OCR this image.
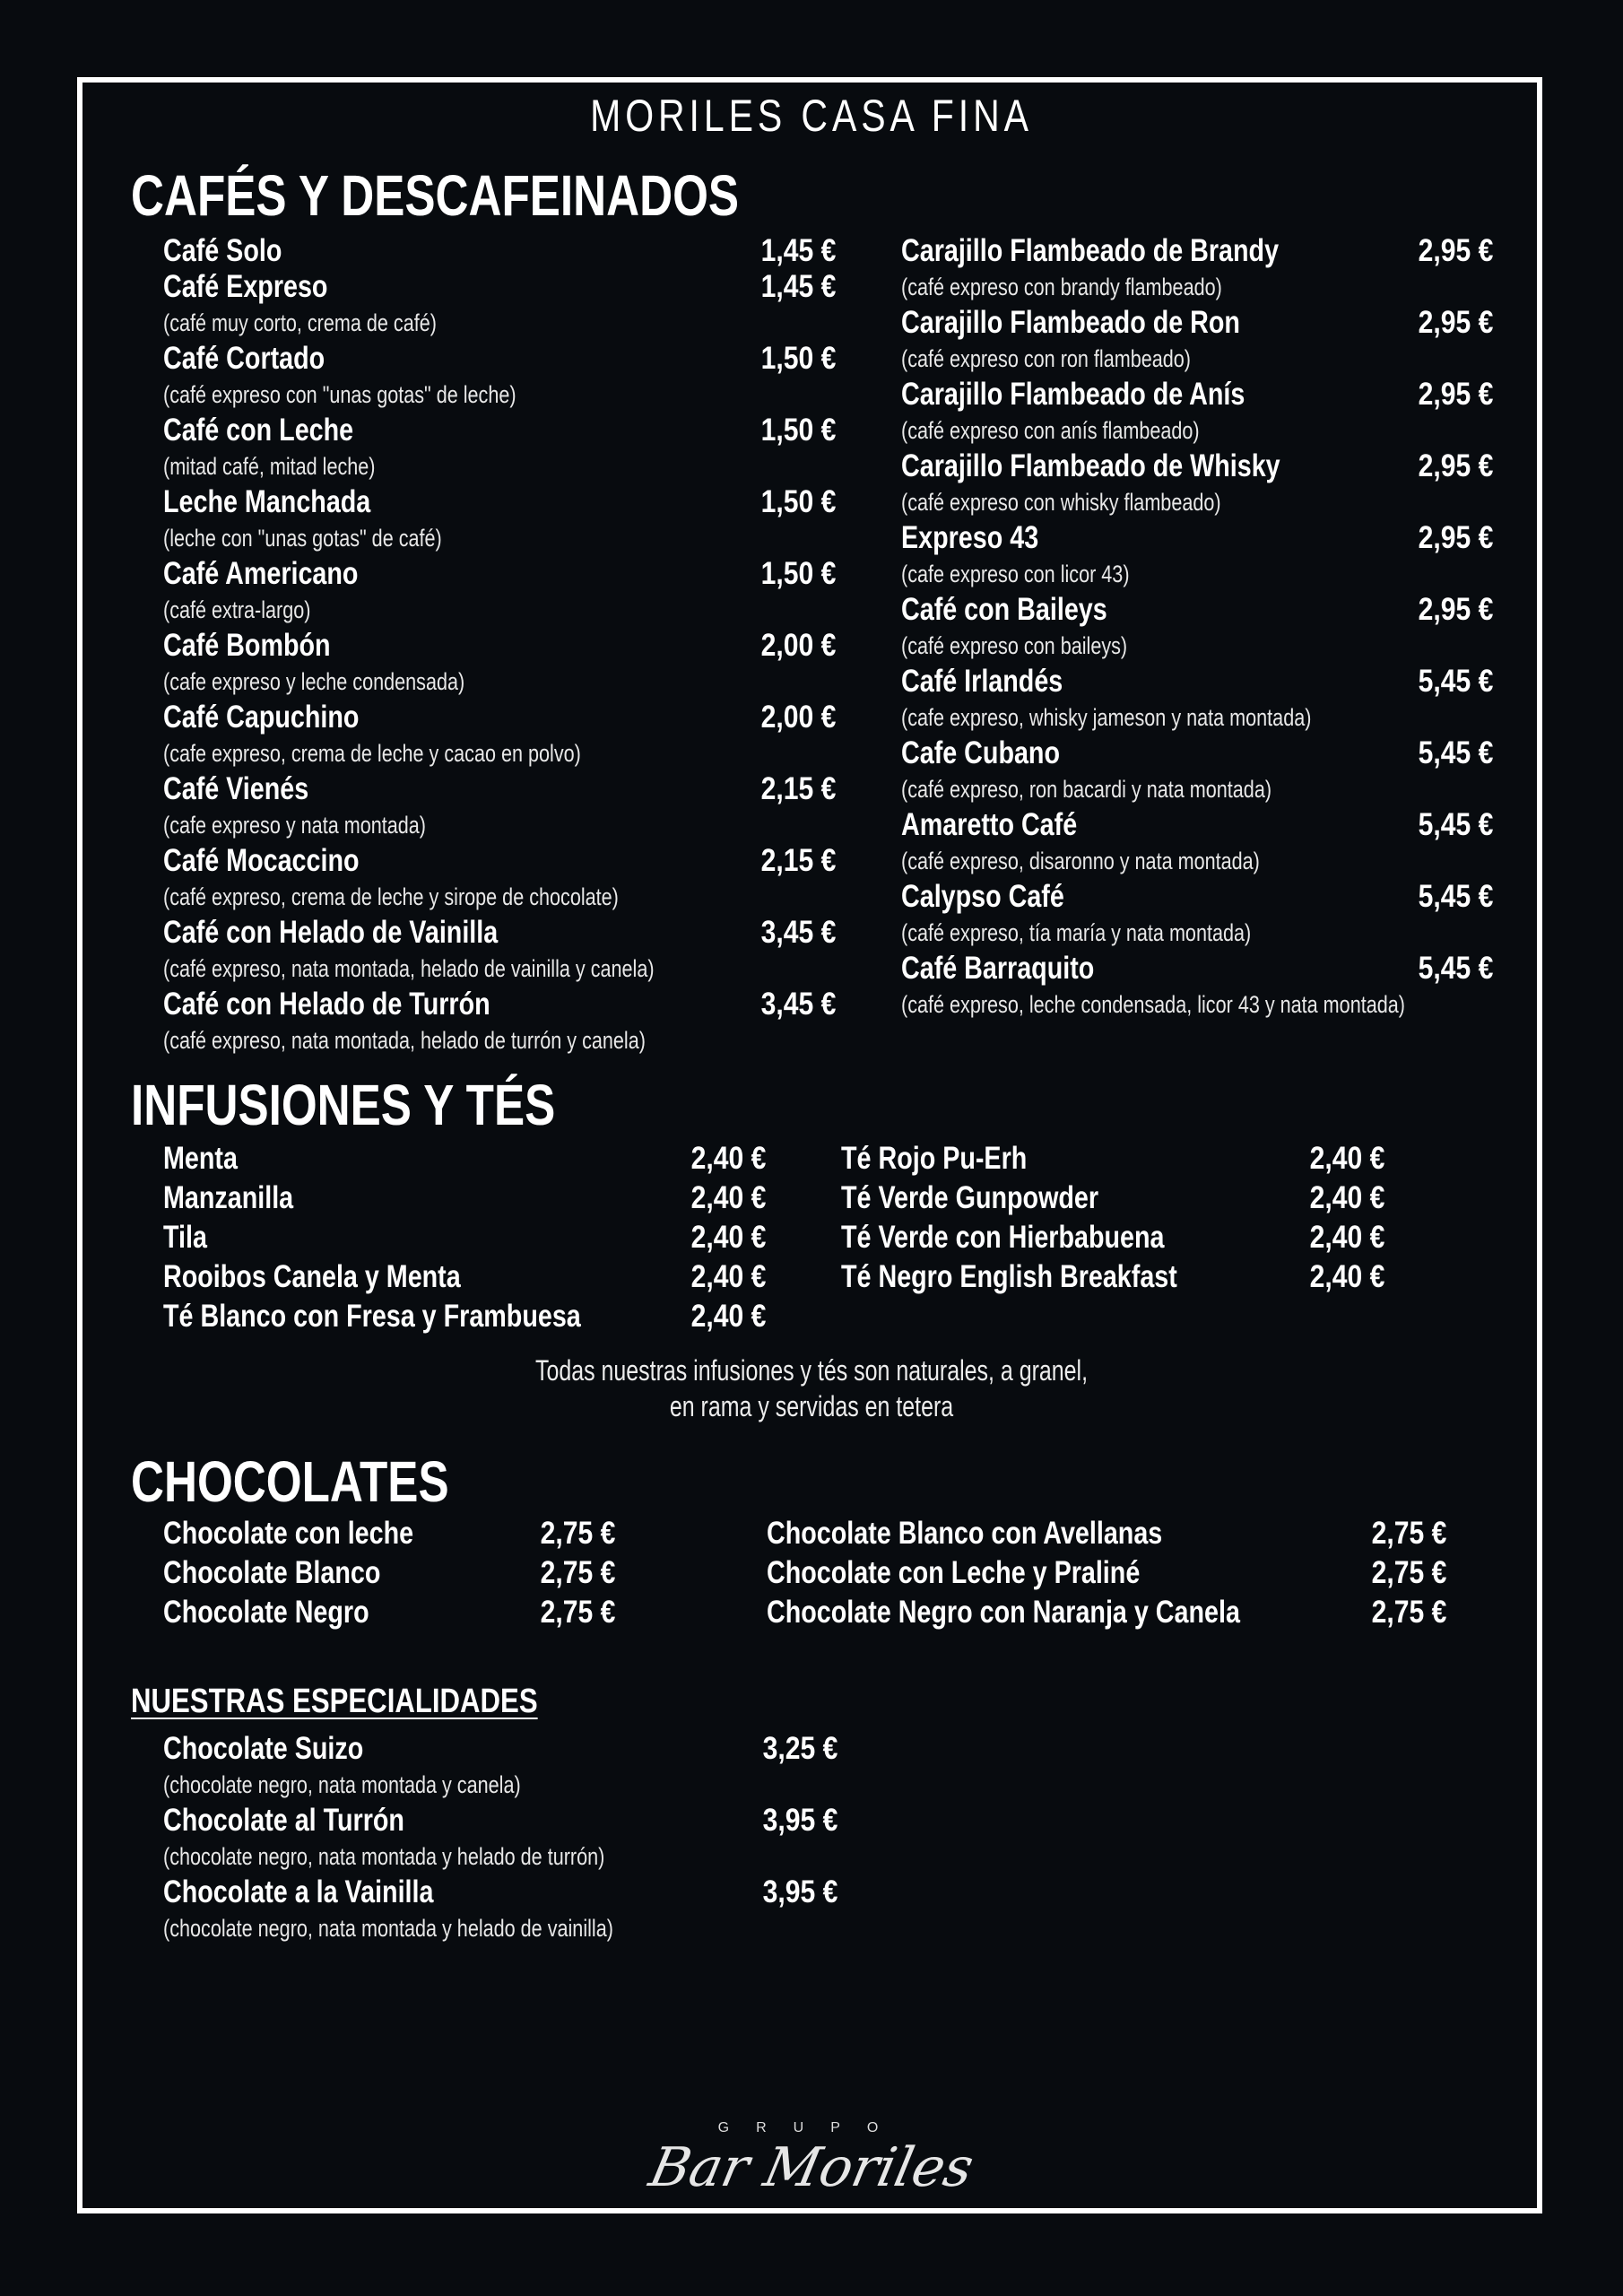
MORILES CASA FINA
CAFÉS Y DESCAFEINADOS
Café Solo	1,45 €
Café Expreso	1,45 €
(café muy corto, crema de café)
Café Cortado	1,50 €
(café expreso con "unas gotas" de leche)
Café con Leche	1,50 €
(mitad café, mitad leche)
Leche Manchada	1,50 €
(leche con "unas gotas" de café)
Café Americano	1,50 €
(café extra-largo)
Café Bombón	2,00 €
(cafe expreso y leche condensada)
Café Capuchino	2,00 €
(cafe expreso, crema de leche y cacao en polvo)
Café Vienés	2,15 €
(cafe expreso y nata montada)
Café Mocaccino	2,15 €
(café expreso, crema de leche y sirope de chocolate)
Café con Helado de Vainilla	3,45 €
(café expreso, nata montada, helado de vainilla y canela)
Café con Helado de Turrón	3,45 €
(café expreso, nata montada, helado de turrón y canela)
Carajillo Flambeado de Brandy	2,95 €
(café expreso con brandy flambeado)
Carajillo Flambeado de Ron	2,95 €
(café expreso con ron flambeado)
Carajillo Flambeado de Anís	2,95 €
(café expreso con anís flambeado)
Carajillo Flambeado de Whisky	2,95 €
(café expreso con whisky flambeado)
Expreso 43	2,95 €
(cafe expreso con licor 43)
Café con Baileys	2,95 €
(café expreso con baileys)
Café Irlandés	5,45 €
(cafe expreso, whisky jameson y nata montada)
Cafe Cubano	5,45 €
(café expreso, ron bacardi y nata montada)
Amaretto Café	5,45 €
(café expreso, disaronno y nata montada)
Calypso Café	5,45 €
(café expreso, tía maría y nata montada)
Café Barraquito	5,45 €
(café expreso, leche condensada, licor 43 y nata montada)
INFUSIONES Y TÉS
Menta	2,40 €
Manzanilla	2,40 €
Tila	2,40 €
Rooibos Canela y Menta	2,40 €
Té Blanco con Fresa y Frambuesa	2,40 €
Té Rojo Pu-Erh	2,40 €
Té Verde Gunpowder	2,40 €
Té Verde con Hierbabuena	2,40 €
Té Negro English Breakfast	2,40 €
Todas nuestras infusiones y tés son naturales, a granel,
en rama y servidas en tetera
CHOCOLATES
Chocolate con leche	2,75 €
Chocolate Blanco	2,75 €
Chocolate Negro	2,75 €
Chocolate Blanco con Avellanas	2,75 €
Chocolate con Leche y Praliné	2,75 €
Chocolate Negro con Naranja y Canela	2,75 €
NUESTRAS ESPECIALIDADES
Chocolate Suizo	3,25 €
(chocolate negro, nata montada y canela)
Chocolate al Turrón	3,95 €
(chocolate negro, nata montada y helado de turrón)
Chocolate a la Vainilla	3,95 €
(chocolate negro, nata montada y helado de vainilla)
GRUPO
Bar Moriles
